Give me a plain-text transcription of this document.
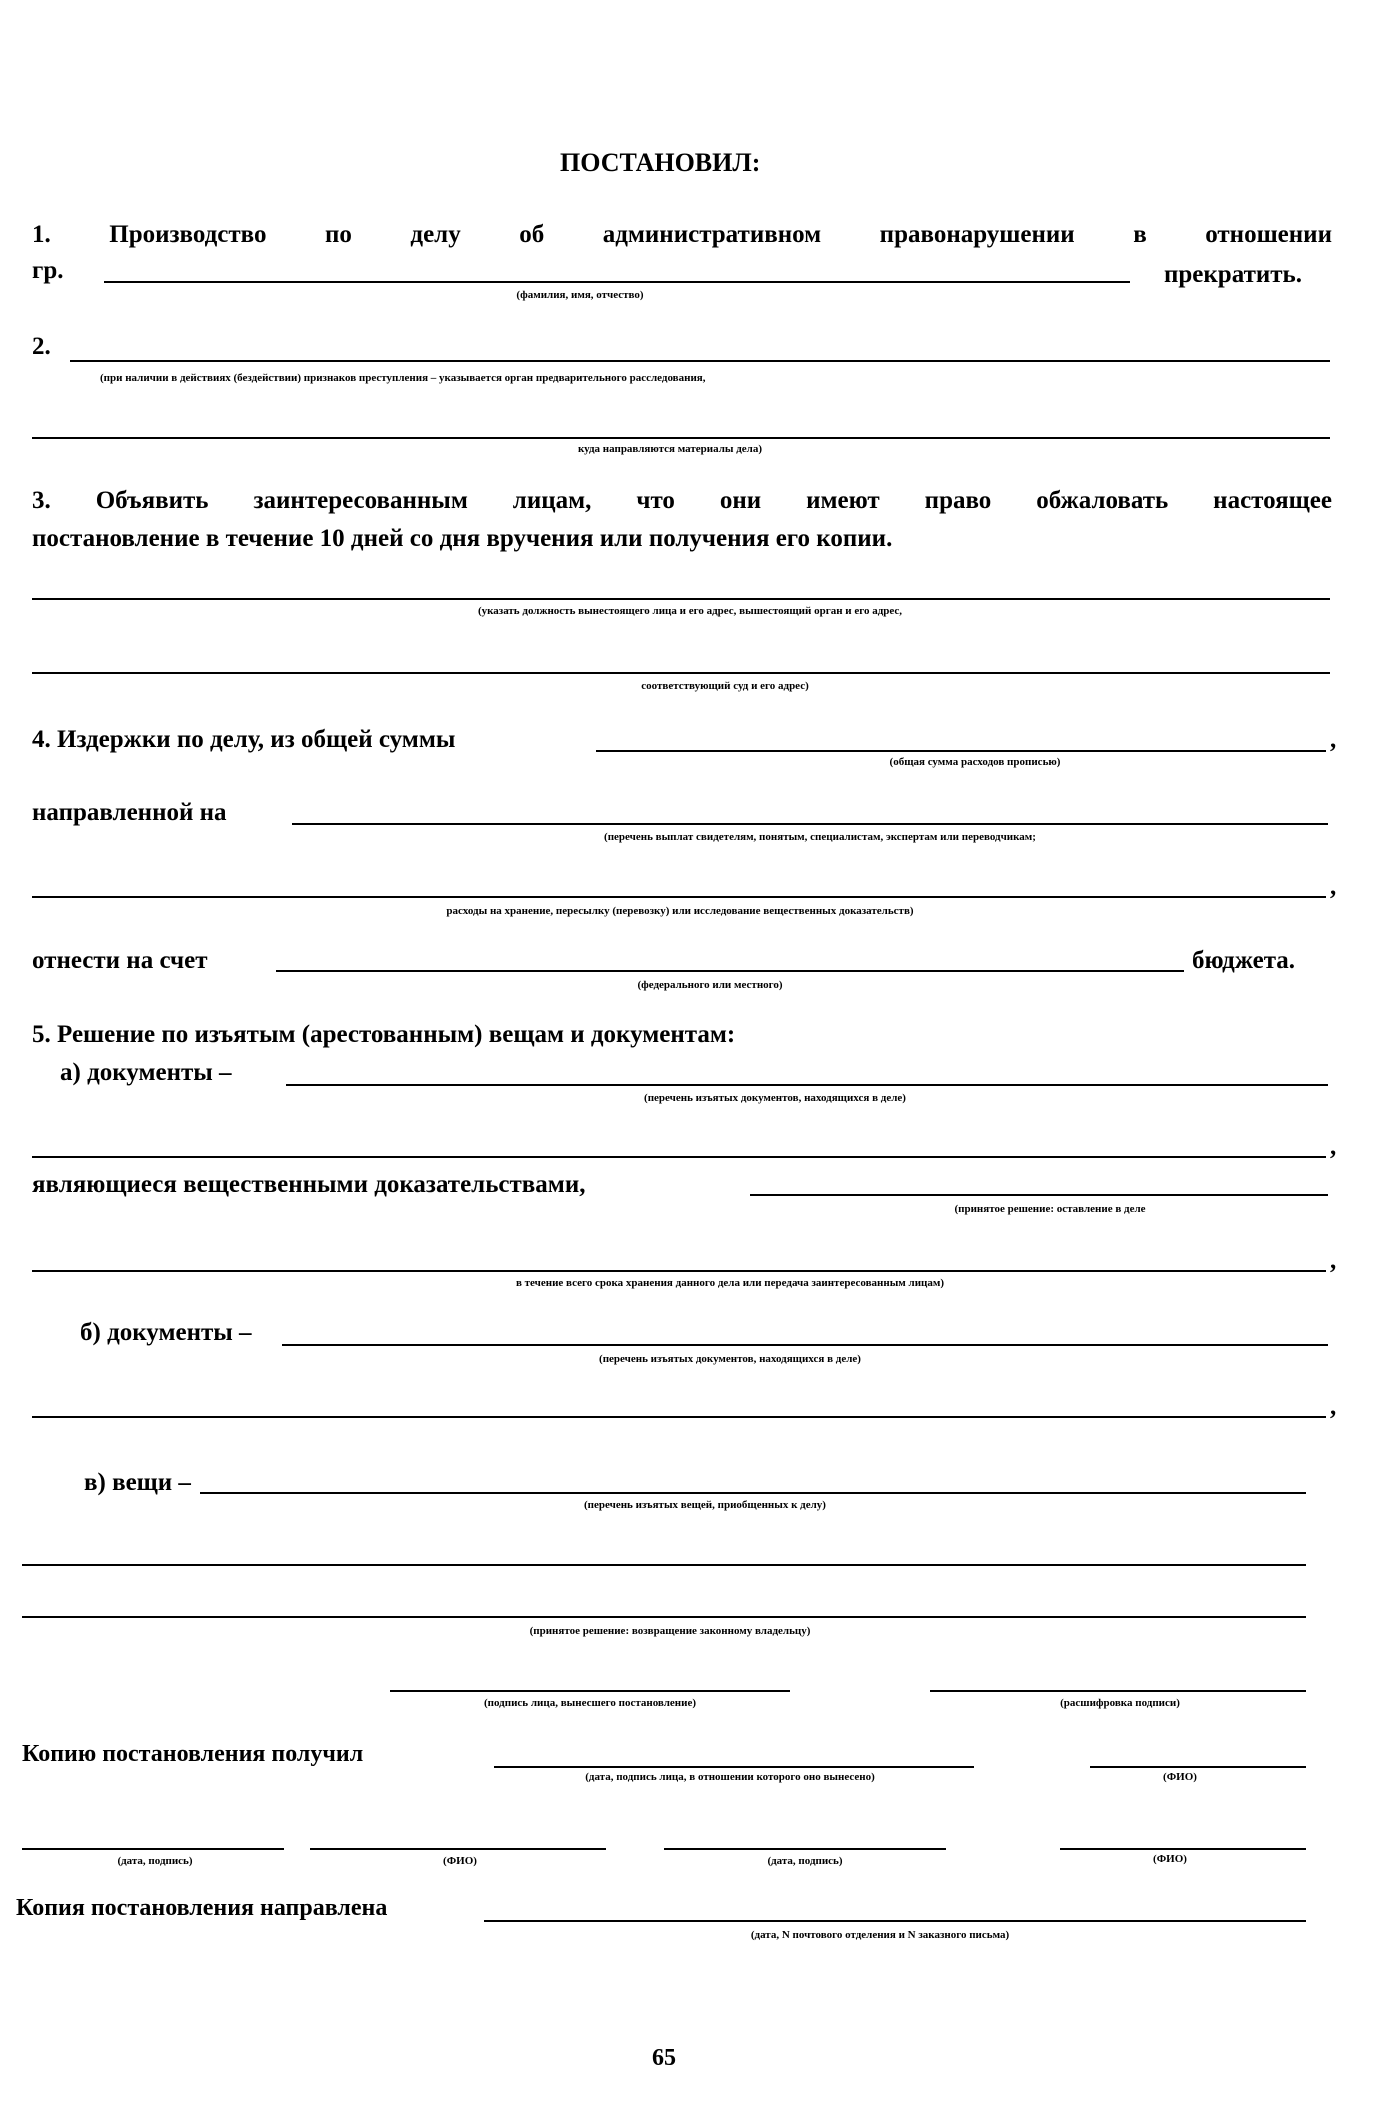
ПОСТАНОВИЛ:
1. Производство по делу об административном правонарушении в отношении
гр.	прекратить.
(фамилия, имя, отчество)
2.
(при наличии в действиях (бездействии) признаков преступления – указывается орган предварительного расследования,
куда направляются материалы дела)
3. Объявить заинтересованным лицам, что они имеют право обжаловать настоящее
постановление в течение 10 дней со дня вручения или получения его копии.
(указать должность вынестоящего лица и его адрес, вышестоящий орган и его адрес,
соответствующий суд и его адрес)
4. Издержки по делу, из общей суммы	,
(общая сумма расходов прописью)
направленной на
(перечень выплат свидетелям, понятым, специалистам, экспертам или переводчикам;
,
расходы на хранение, пересылку (перевозку) или исследование вещественных доказательств)
отнести на счет	бюджета.
(федерального или местного)
5. Решение по изъятым (арестованным) вещам и документам:
а) документы –
(перечень изъятых документов, находящихся в деле)
,
являющиеся вещественными доказательствами,
(принятое решение: оставление в деле
,
в течение всего срока хранения данного дела или передача заинтересованным лицам)
б) документы –
(перечень изъятых документов, находящихся в деле)
,
в) вещи –
(перечень изъятых вещей, приобщенных к делу)
(принятое решение: возвращение законному владельцу)
(подпись лица, вынесшего постановление)	(расшифровка подписи)
Копию постановления получил
(дата, подпись лица, в отношении которого оно вынесено)	(ФИО)
(дата, подпись)	(ФИО)	(дата, подпись)	(ФИО)
Копия постановления направлена
(дата, N почтового отделения и N заказного письма)
65
